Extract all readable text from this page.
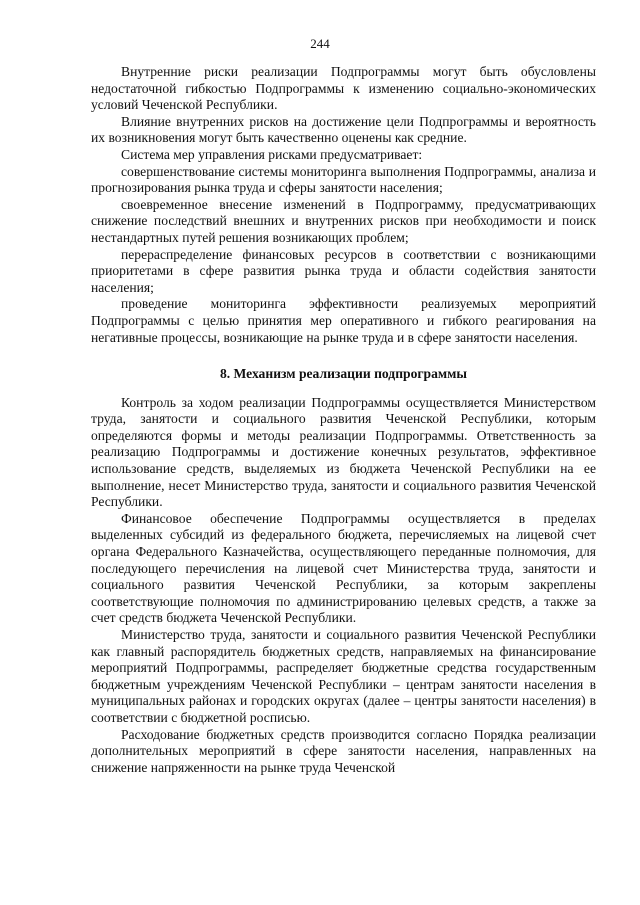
244

Внутренние риски реализации Подпрограммы могут быть обусловлены недостаточной гибкостью Подпрограммы к изменению социально-экономических условий Чеченской Республики.

Влияние внутренних рисков на достижение цели Подпрограммы и вероятность их возникновения могут быть качественно оценены как средние.

Система мер управления рисками предусматривает:

совершенствование системы мониторинга выполнения Подпрограммы, анализа и прогнозирования рынка труда и сферы занятости населения;

своевременное внесение изменений в Подпрограмму, предусматривающих снижение последствий внешних и внутренних рисков при необходимости и поиск нестандартных путей решения возникающих проблем;

перераспределение финансовых ресурсов в соответствии с возникающими приоритетами в сфере развития рынка труда и области содействия занятости населения;

проведение мониторинга эффективности реализуемых мероприятий Подпрограммы с целью принятия мер оперативного и гибкого реагирования на негативные процессы, возникающие на рынке труда и в сфере занятости населения.

8. Механизм реализации подпрограммы

Контроль за ходом реализации Подпрограммы осуществляется Министерством труда, занятости и социального развития Чеченской Республики, которым определяются формы и методы реализации Подпрограммы. Ответственность за реализацию Подпрограммы и достижение конечных результатов, эффективное использование средств, выделяемых из бюджета Чеченской Республики на ее выполнение, несет Министерство труда, занятости и социального развития Чеченской Республики.

Финансовое обеспечение Подпрограммы осуществляется в пределах выделенных субсидий из федерального бюджета, перечисляемых на лицевой счет органа Федерального Казначейства, осуществляющего переданные полномочия, для последующего перечисления на лицевой счет Министерства труда, занятости и социального развития Чеченской Республики, за которым закреплены соответствующие полномочия по администрированию целевых средств, а также за счет средств бюджета Чеченской Республики.

Министерство труда, занятости и социального развития Чеченской Республики как главный распорядитель бюджетных средств, направляемых на финансирование мероприятий Подпрограммы, распределяет бюджетные средства государственным бюджетным учреждениям Чеченской Республики – центрам занятости населения в муниципальных районах и городских округах (далее – центры занятости населения) в соответствии с бюджетной росписью.

Расходование бюджетных средств производится согласно Порядка реализации дополнительных мероприятий в сфере занятости населения, направленных на снижение напряженности на рынке труда Чеченской
